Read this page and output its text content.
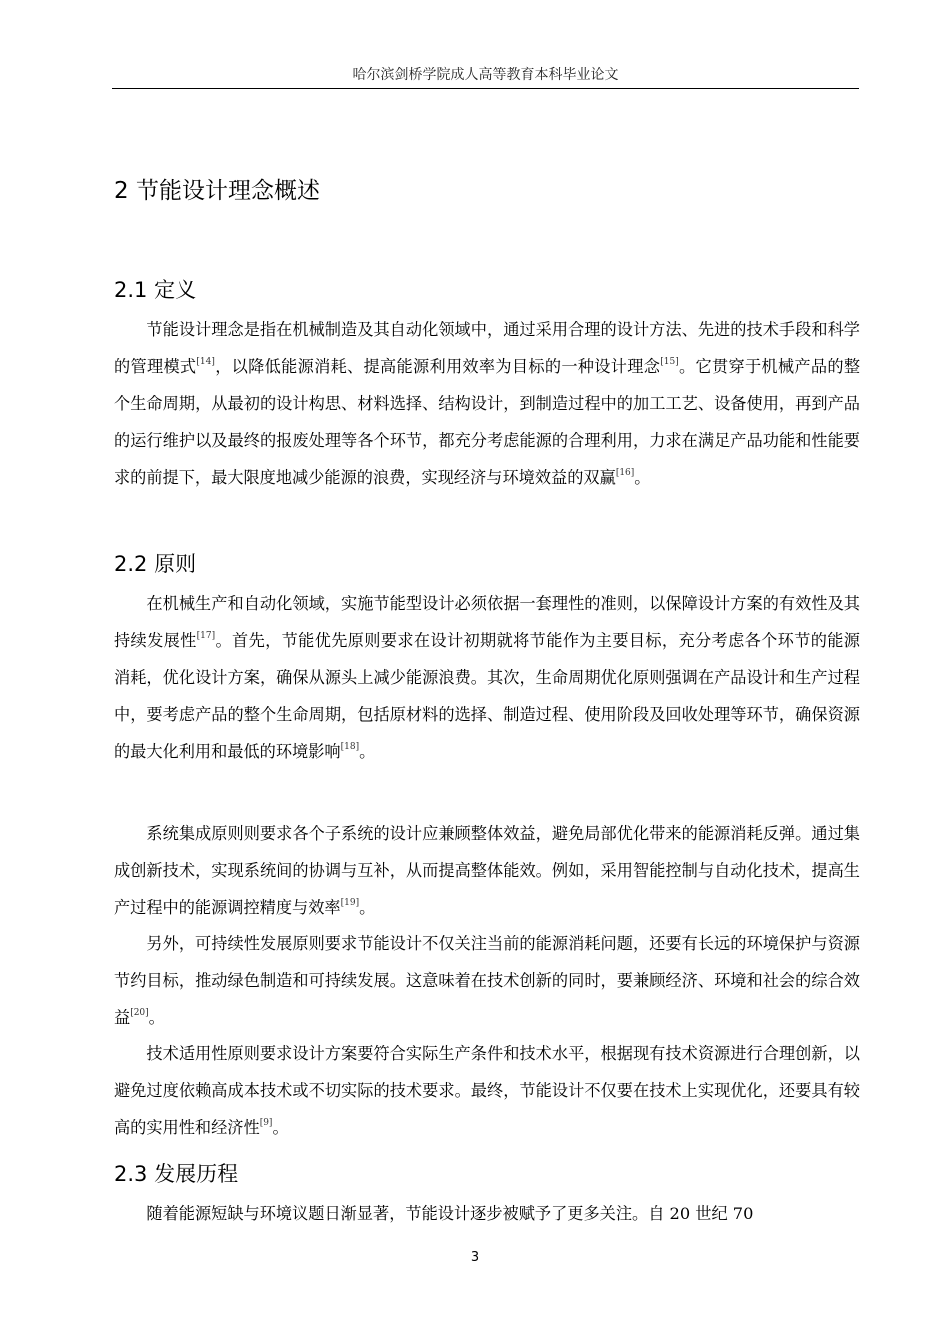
哈尔滨剑桥学院成人高等教育本科毕业论文
2 节能设计理念概述
2.1 定义
节能设计理念是指在机械制造及其自动化领域中，通过采用合理的设计方法、先进的技术手段和科学的管理模式[14]，以降低能源消耗、提高能源利用效率为目标的一种设计理念[15]。它贯穿于机械产品的整个生命周期，从最初的设计构思、材料选择、结构设计，到制造过程中的加工工艺、设备使用，再到产品的运行维护以及最终的报废处理等各个环节，都充分考虑能源的合理利用，力求在满足产品功能和性能要求的前提下，最大限度地减少能源的浪费，实现经济与环境效益的双赢[16]。
2.2 原则
在机械生产和自动化领域，实施节能型设计必须依据一套理性的准则，以保障设计方案的有效性及其持续发展性[17]。首先，节能优先原则要求在设计初期就将节能作为主要目标，充分考虑各个环节的能源消耗，优化设计方案，确保从源头上减少能源浪费。其次，生命周期优化原则强调在产品设计和生产过程中，要考虑产品的整个生命周期，包括原材料的选择、制造过程、使用阶段及回收处理等环节，确保资源的最大化利用和最低的环境影响[18]。
系统集成原则则要求各个子系统的设计应兼顾整体效益，避免局部优化带来的能源消耗反弹。通过集成创新技术，实现系统间的协调与互补，从而提高整体能效。例如，采用智能控制与自动化技术，提高生产过程中的能源调控精度与效率[19]。
另外，可持续性发展原则要求节能设计不仅关注当前的能源消耗问题，还要有长远的环境保护与资源节约目标，推动绿色制造和可持续发展。这意味着在技术创新的同时，要兼顾经济、环境和社会的综合效益[20]。
技术适用性原则要求设计方案要符合实际生产条件和技术水平，根据现有技术资源进行合理创新，以避免过度依赖高成本技术或不切实际的技术要求。最终，节能设计不仅要在技术上实现优化，还要具有较高的实用性和经济性[9]。
2.3 发展历程
随着能源短缺与环境议题日渐显著，节能设计逐步被赋予了更多关注。自 20 世纪 70
3
